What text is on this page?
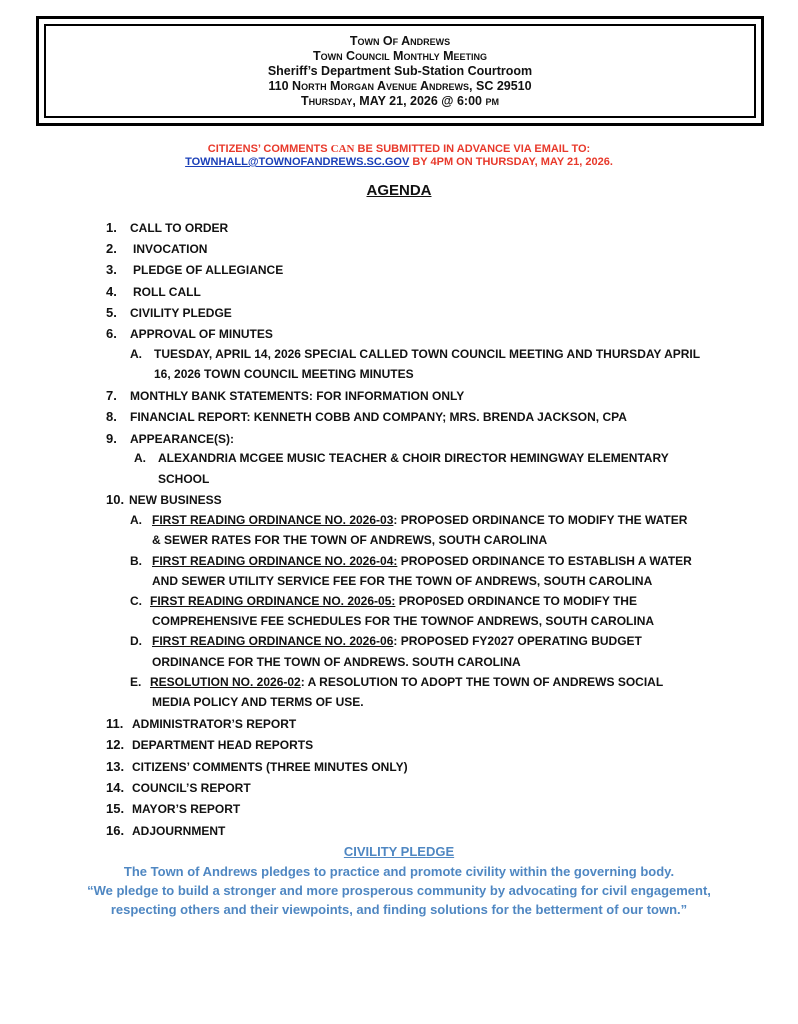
Town Of Andrews
Town Council Monthly Meeting
Sheriff’s Department Sub-Station Courtroom
110 North Morgan Avenue Andrews, SC 29510
Thursday, MAY 21, 2026 @ 6:00 pm
CITIZENS’ COMMENTS CAN BE SUBMITTED IN ADVANCE VIA EMAIL TO:
TOWNHALL@TOWNOFANDREWS.SC.GOV BY 4PM ON THURSDAY, MAY 21, 2026.
AGENDA
1. CALL TO ORDER
2. INVOCATION
3. PLEDGE OF ALLEGIANCE
4. ROLL CALL
5. CIVILITY PLEDGE
6. APPROVAL OF MINUTES
A. TUESDAY, APRIL 14, 2026 SPECIAL CALLED TOWN COUNCIL MEETING AND THURSDAY APRIL
16, 2026 TOWN COUNCIL MEETING MINUTES
7. MONTHLY BANK STATEMENTS: FOR INFORMATION ONLY
8. FINANCIAL REPORT: KENNETH COBB AND COMPANY; MRS. BRENDA JACKSON, CPA
9. APPEARANCE(S):
A. ALEXANDRIA MCGEE MUSIC TEACHER & CHOIR DIRECTOR HEMINGWAY ELEMENTARY
SCHOOL
10. NEW BUSINESS
A. FIRST READING ORDINANCE NO. 2026-03: PROPOSED ORDINANCE TO MODIFY THE WATER
& SEWER RATES FOR THE TOWN OF ANDREWS, SOUTH CAROLINA
B. FIRST READING ORDINANCE NO. 2026-04: PROPOSED ORDINANCE TO ESTABLISH A WATER
AND SEWER UTILITY SERVICE FEE FOR THE TOWN OF ANDREWS, SOUTH CAROLINA
C. FIRST READING ORDINANCE NO. 2026-05: PROP0SED ORDINANCE TO MODIFY THE
COMPREHENSIVE FEE SCHEDULES FOR THE TOWNOF ANDREWS, SOUTH CAROLINA
D. FIRST READING ORDINANCE NO. 2026-06: PROPOSED FY2027 OPERATING BUDGET
ORDINANCE FOR THE TOWN OF ANDREWS. SOUTH CAROLINA
E. RESOLUTION NO. 2026-02: A RESOLUTION TO ADOPT THE TOWN OF ANDREWS SOCIAL
MEDIA POLICY AND TERMS OF USE.
11. ADMINISTRATOR’S REPORT
12. DEPARTMENT HEAD REPORTS
13. CITIZENS’ COMMENTS (THREE MINUTES ONLY)
14. COUNCIL’S REPORT
15. MAYOR’S REPORT
16. ADJOURNMENT
CIVILITY PLEDGE
The Town of Andrews pledges to practice and promote civility within the governing body.
“We pledge to build a stronger and more prosperous community by advocating for civil engagement,
respecting others and their viewpoints, and finding solutions for the betterment of our town.”
